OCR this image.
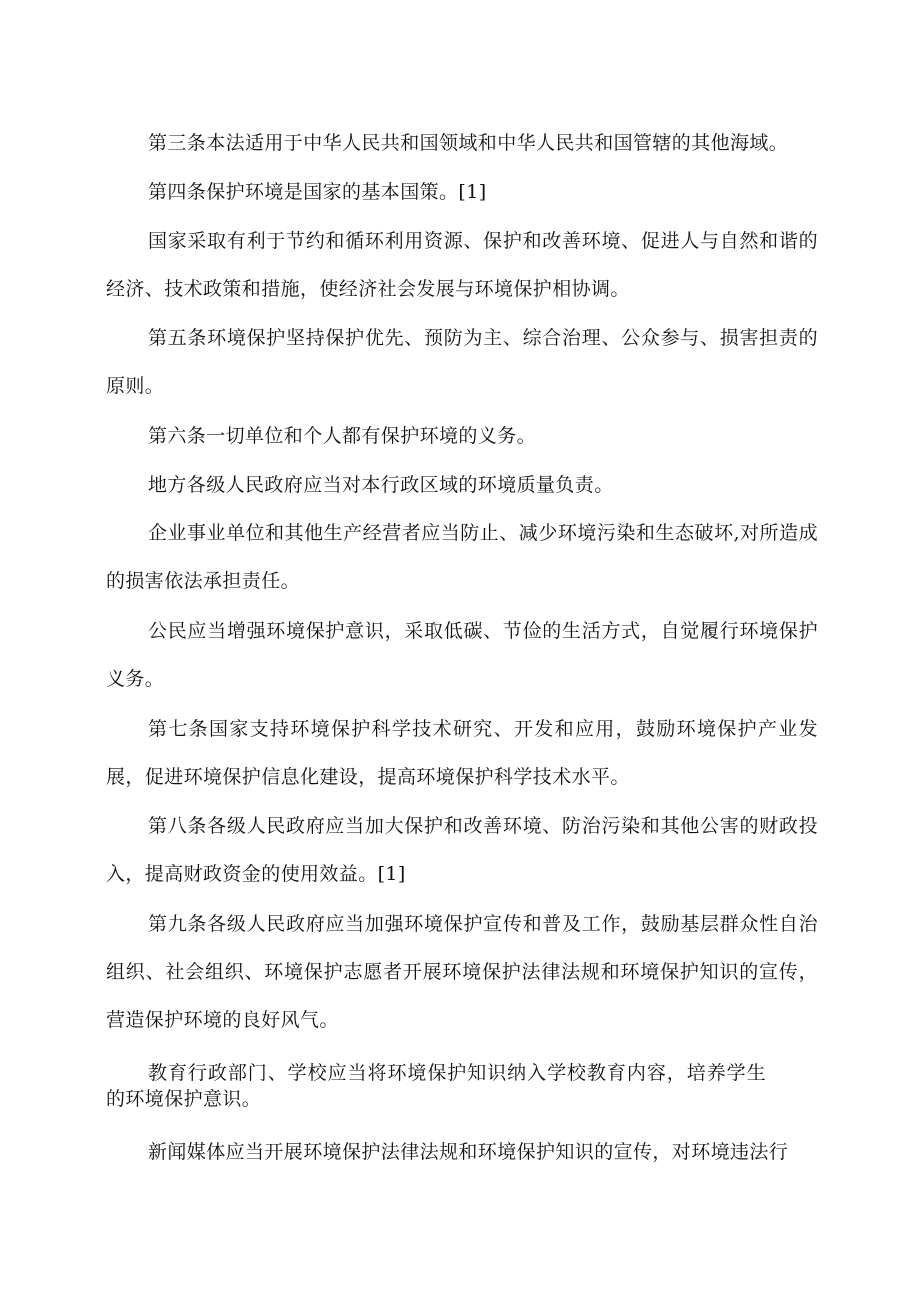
第三条本法适用于中华人民共和国领域和中华人民共和国管辖的其他海域。

第四条保护环境是国家的基本国策。[1]

国家采取有利于节约和循环利用资源、保护和改善环境、促进人与自然和谐的经济、技术政策和措施，使经济社会发展与环境保护相协调。

第五条环境保护坚持保护优先、预防为主、综合治理、公众参与、损害担责的原则。

第六条一切单位和个人都有保护环境的义务。

地方各级人民政府应当对本行政区域的环境质量负责。

企业事业单位和其他生产经营者应当防止、减少环境污染和生态破坏,对所造成的损害依法承担责任。

公民应当增强环境保护意识，采取低碳、节俭的生活方式，自觉履行环境保护义务。

第七条国家支持环境保护科学技术研究、开发和应用，鼓励环境保护产业发展，促进环境保护信息化建设，提高环境保护科学技术水平。

第八条各级人民政府应当加大保护和改善环境、防治污染和其他公害的财政投入，提高财政资金的使用效益。[1]

第九条各级人民政府应当加强环境保护宣传和普及工作，鼓励基层群众性自治组织、社会组织、环境保护志愿者开展环境保护法律法规和环境保护知识的宣传，营造保护环境的良好风气。

教育行政部门、学校应当将环境保护知识纳入学校教育内容，培养学生的环境保护意识。

新闻媒体应当开展环境保护法律法规和环境保护知识的宣传，对环境违法行
